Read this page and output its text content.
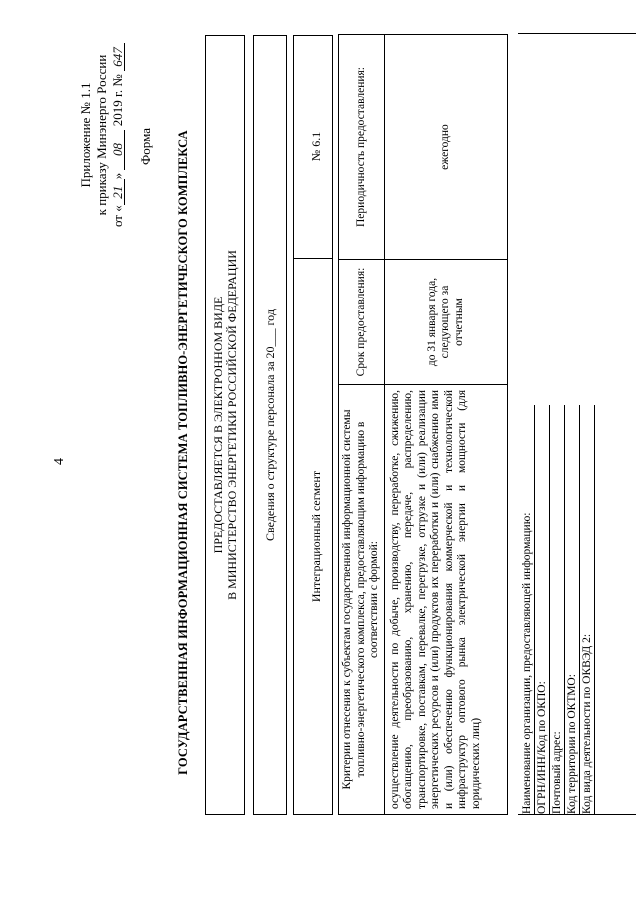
4
Приложение № 1.1 к приказу Минэнерго России
от «21» 08 2019 г. № 647
Форма ГОСУДАРСТВЕННАЯ ИНФОРМАЦИОННАЯ СИСТЕМА ТОПЛИВНО-ЭНЕРГЕТИЧЕСКОГО КОМПЛЕКСА ПРЕДОСТАВЛЯЕТСЯ В ЭЛЕКТРОННОМ ВИДЕ В МИНИСТЕРСТВО ЭНЕРГЕТИКИ РОССИЙСКОЙ ФЕДЕРАЦИИ	Сведения о структуре персонала за 20___ год	Интеграционный сегмент
№ 6.1
Критерии отнесения к субъектам государственной информационной системы топливно-энергетического комплекса, предоставляющим информацию в соответствии с формой:	Срок предоставления:	Периодичность предоставления:
осуществление деятельности по добыче, производству, переработке, сжижению, обогащению, преобразованию, хранению, передаче, распределению, транспортировке, поставкам, перевалке, перегрузке, отгрузке и (или) реализации энергетических ресурсов и (или) продуктов их переработки и (или) снабжению ими и (или) обеспечению функционирования коммерческой и технологической инфраструктур оптового рынка электрической энергии и мощности (для юридических лиц)	до 31 января года, следующего за отчетным	ежегодно
Наименование организации, предоставляющей информацию:
ОГРН/ИНН/Код по ОКПО:
Почтовый адрес:
Код территории по ОКТМО:
Код вида деятельности по ОКВЭД 2:
